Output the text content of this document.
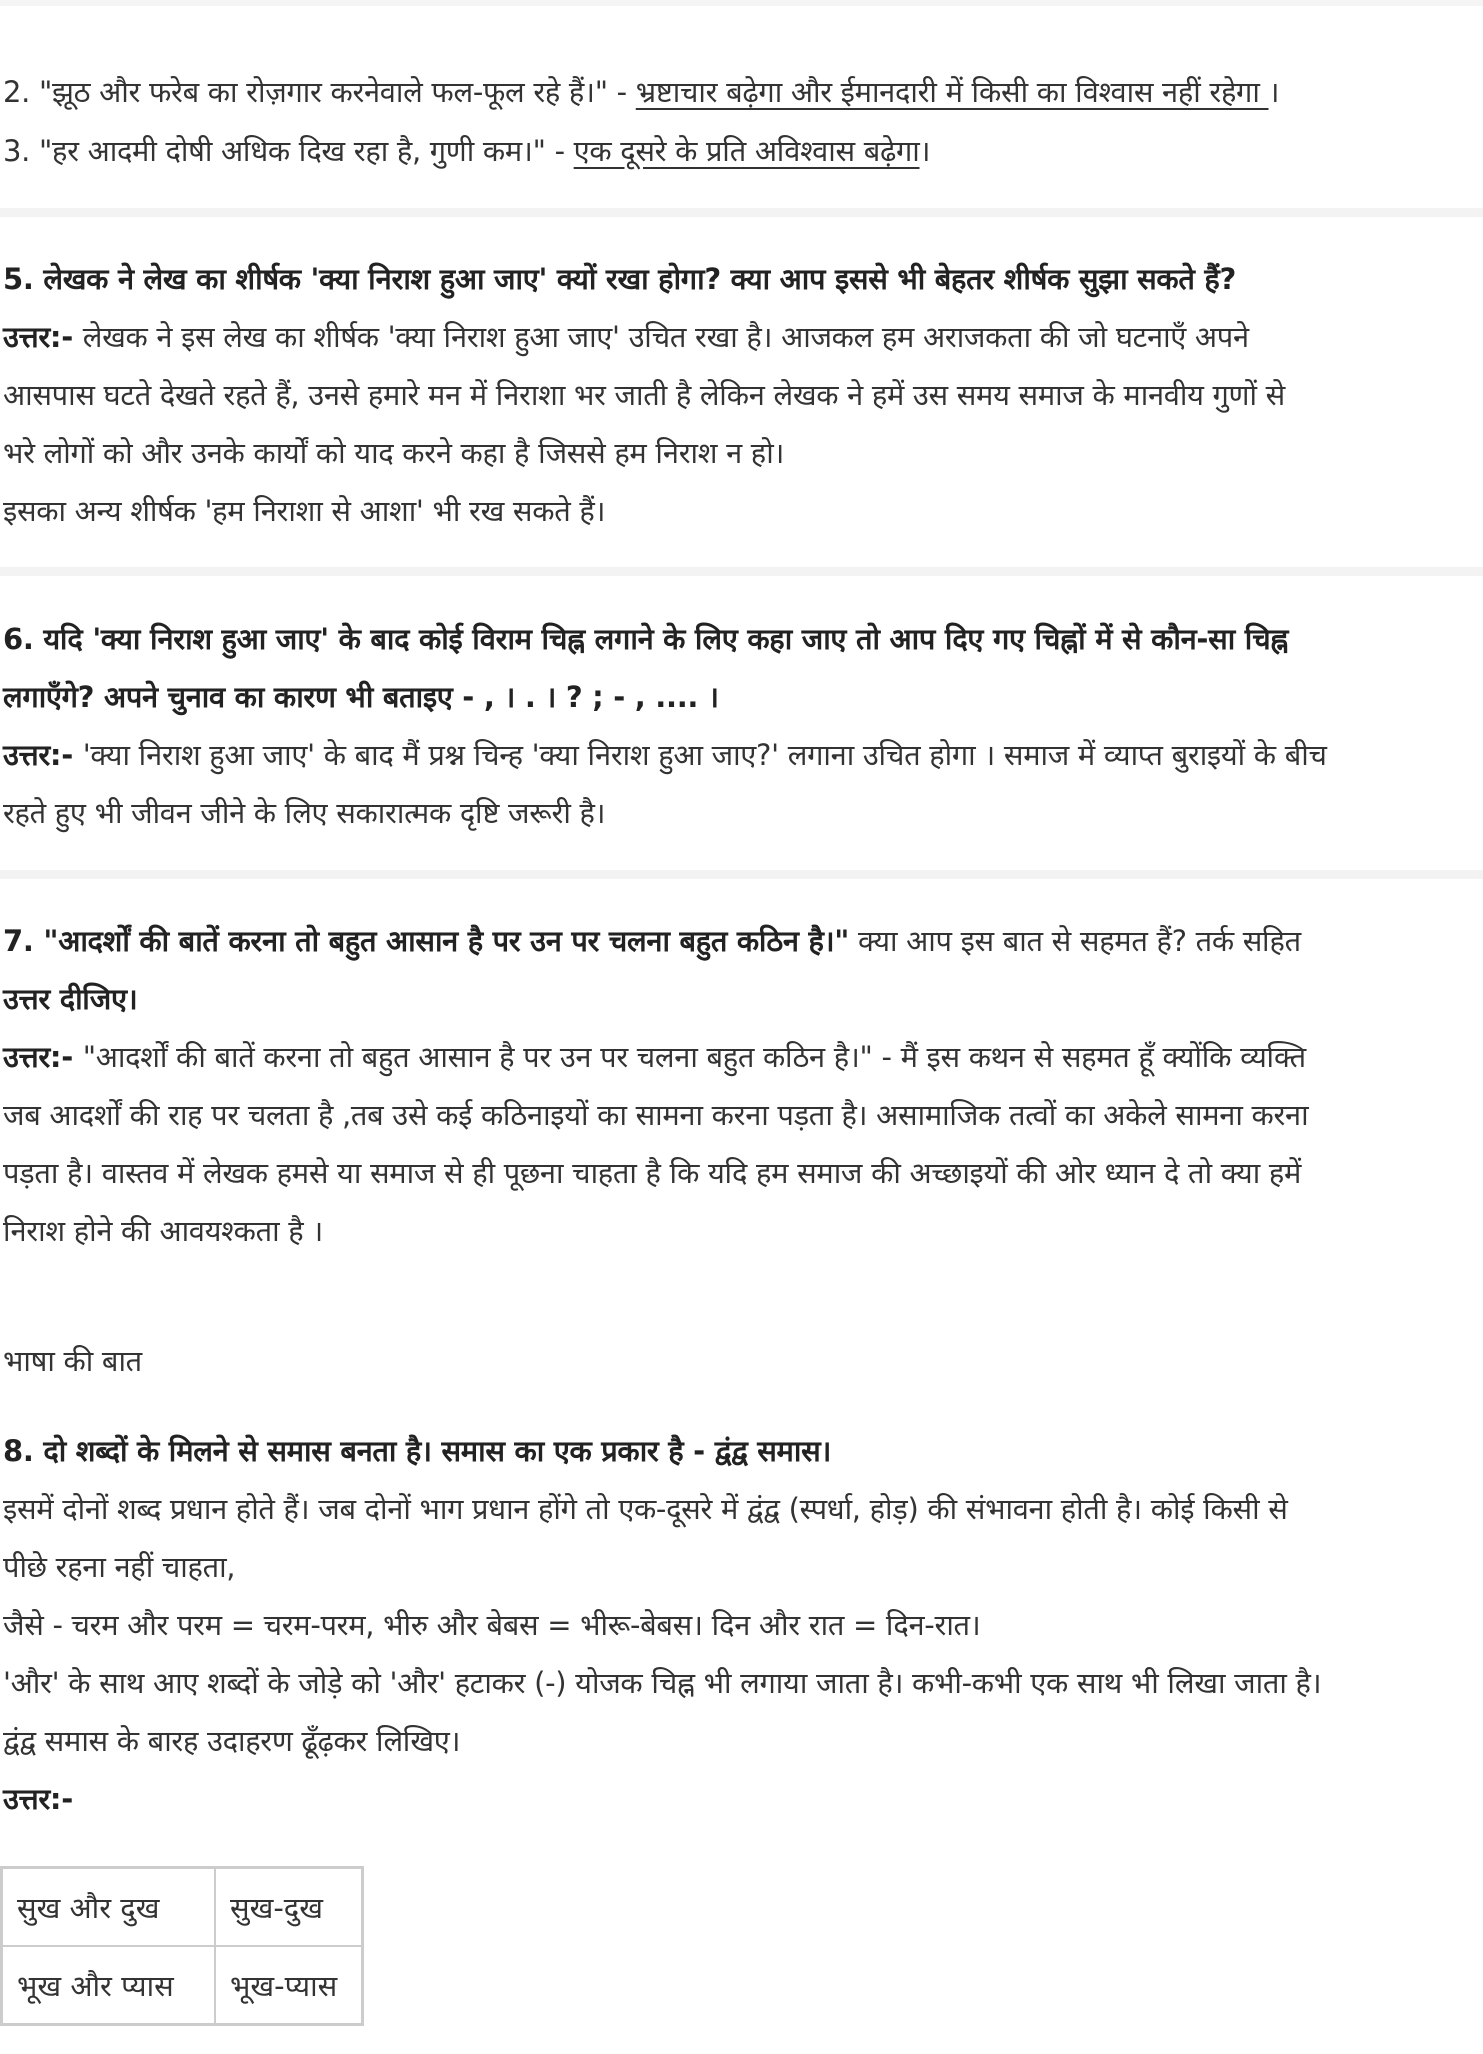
2. "झूठ और फरेब का रोज़गार करनेवाले फल-फूल रहे हैं।" - भ्रष्टाचार बढ़ेगा और ईमानदारी में किसी का विश्वास नहीं रहेगा ।
3. "हर आदमी दोषी अधिक दिख रहा है, गुणी कम।" - एक दूसरे के प्रति अविश्वास बढ़ेगा।
5. लेखक ने लेख का शीर्षक 'क्या निराश हुआ जाए' क्यों रखा होगा? क्या आप इससे भी बेहतर शीर्षक सुझा सकते हैं?
उत्तर:- लेखक ने इस लेख का शीर्षक 'क्या निराश हुआ जाए' उचित रखा है। आजकल हम अराजकता की जो घटनाएँ अपने
आसपास घटते देखते रहते हैं, उनसे हमारे मन में निराशा भर जाती है लेकिन लेखक ने हमें उस समय समाज के मानवीय गुणों से
भरे लोगों को और उनके कार्यों को याद करने कहा है जिससे हम निराश न हो।
इसका अन्य शीर्षक 'हम निराशा से आशा' भी रख सकते हैं।
6. यदि 'क्या निराश हुआ जाए' के बाद कोई विराम चिह्न लगाने के लिए कहा जाए तो आप दिए गए चिह्नों में से कौन-सा चिह्न
लगाएँगे? अपने चुनाव का कारण भी बताइए - , । . । ? ; - , .... ।
उत्तर:- 'क्या निराश हुआ जाए' के बाद मैं प्रश्न चिन्ह 'क्या निराश हुआ जाए?' लगाना उचित होगा । समाज में व्याप्त बुराइयों के बीच
रहते हुए भी जीवन जीने के लिए सकारात्मक दृष्टि जरूरी है।
7. "आदर्शों की बातें करना तो बहुत आसान है पर उन पर चलना बहुत कठिन है।" क्या आप इस बात से सहमत हैं? तर्क सहित
उत्तर दीजिए।
उत्तर:- "आदर्शों की बातें करना तो बहुत आसान है पर उन पर चलना बहुत कठिन है।" - मैं इस कथन से सहमत हूँ क्योंकि व्यक्ति
जब आदर्शों की राह पर चलता है ,तब उसे कई कठिनाइयों का सामना करना पड़ता है। असामाजिक तत्वों का अकेले सामना करना
पड़ता है। वास्तव में लेखक हमसे या समाज से ही पूछना चाहता है कि यदि हम समाज की अच्छाइयों की ओर ध्यान दे तो क्या हमें
निराश होने की आवयश्कता है ।
भाषा की बात
8. दो शब्दों के मिलने से समास बनता है। समास का एक प्रकार है - द्वंद्व समास।
इसमें दोनों शब्द प्रधान होते हैं। जब दोनों भाग प्रधान होंगे तो एक-दूसरे में द्वंद्व (स्पर्धा, होड़) की संभावना होती है। कोई किसी से
पीछे रहना नहीं चाहता,
जैसे - चरम और परम = चरम-परम, भीरु और बेबस = भीरू-बेबस। दिन और रात = दिन-रात।
'और' के साथ आए शब्दों के जोड़े को 'और' हटाकर (-) योजक चिह्न भी लगाया जाता है। कभी-कभी एक साथ भी लिखा जाता है।
द्वंद्व समास के बारह उदाहरण ढूँढ़कर लिखिए।
उत्तर:-
सुख और दुख	सुख-दुख
भूख और प्यास	भूख-प्यास
